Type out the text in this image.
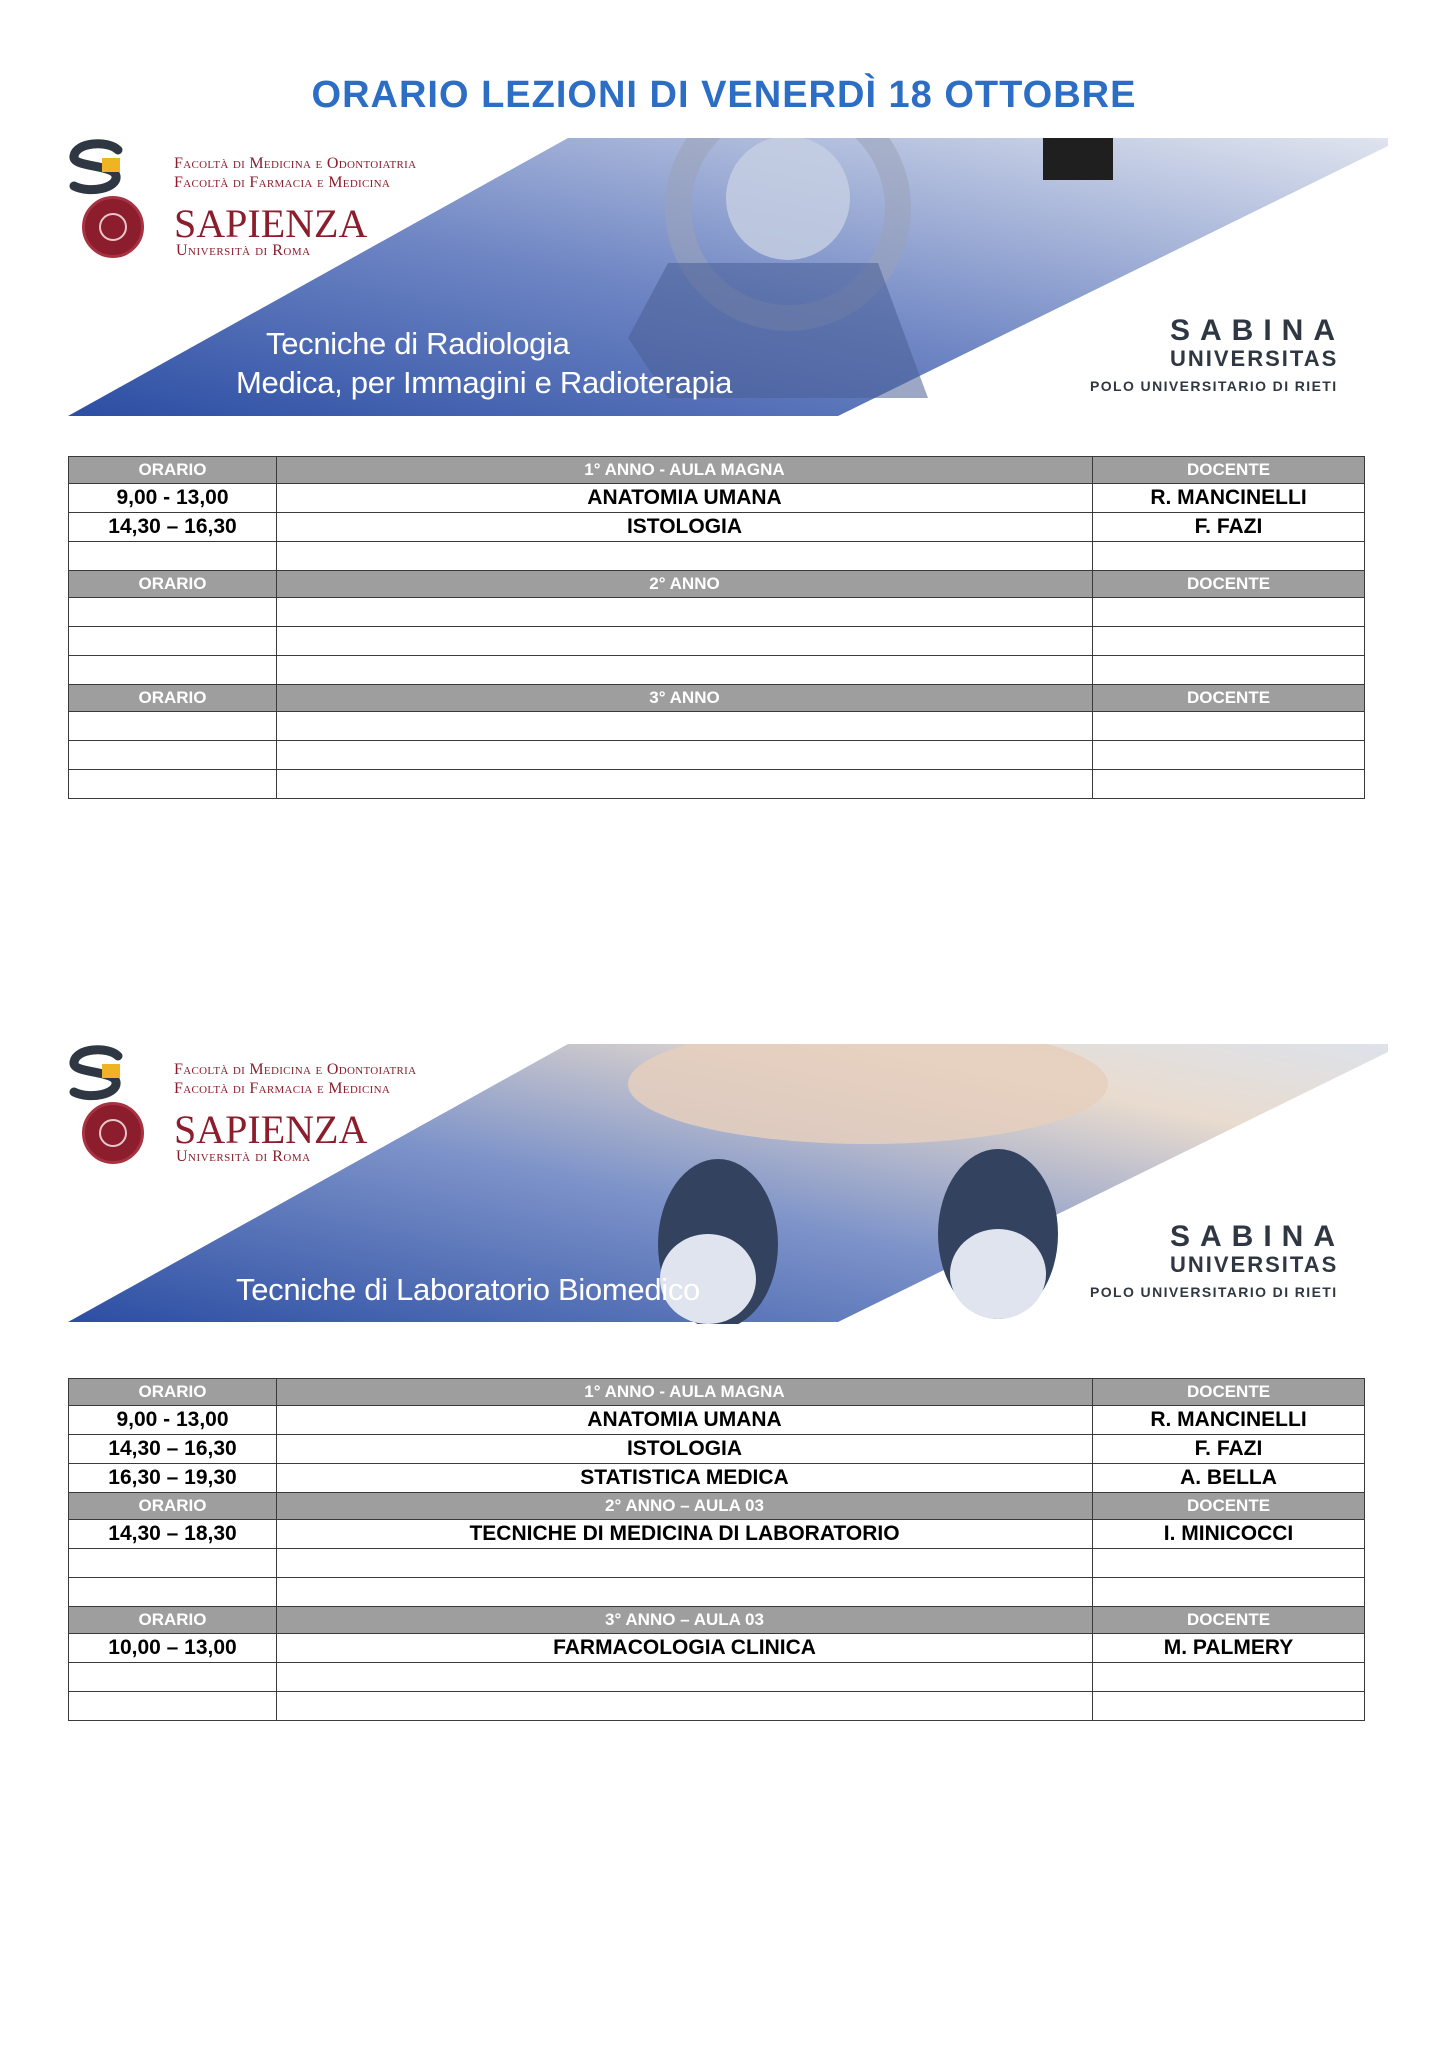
ORARIO LEZIONI DI VENERDÌ 18 OTTOBRE
Facoltà di Medicina e Odontoiatria
Facoltà di Farmacia e Medicina
SAPIENZA
Università di Roma
Tecniche di Radiologia
Medica, per Immagini e Radioterapia
SABINA
UNIVERSITAS
POLO UNIVERSITARIO DI RIETI
ORARIO	1° ANNO - AULA MAGNA	DOCENTE
9,00 - 13,00	ANATOMIA UMANA	R. MANCINELLI
14,30 – 16,30	ISTOLOGIA	F. FAZI

ORARIO	2° ANNO	DOCENTE

ORARIO	3° ANNO	DOCENTE

Facoltà di Medicina e Odontoiatria
Facoltà di Farmacia e Medicina
SAPIENZA
Università di Roma
Tecniche di Laboratorio Biomedico
SABINA
UNIVERSITAS
POLO UNIVERSITARIO DI RIETI
ORARIO	1° ANNO - AULA MAGNA	DOCENTE
9,00 - 13,00	ANATOMIA UMANA	R. MANCINELLI
14,30 – 16,30	ISTOLOGIA	F. FAZI
16,30 – 19,30	STATISTICA MEDICA	A. BELLA
ORARIO	2° ANNO – AULA 03	DOCENTE
14,30 – 18,30	TECNICHE DI MEDICINA DI LABORATORIO	I. MINICOCCI

ORARIO	3° ANNO – AULA 03	DOCENTE
10,00 – 13,00	FARMACOLOGIA CLINICA	M. PALMERY
